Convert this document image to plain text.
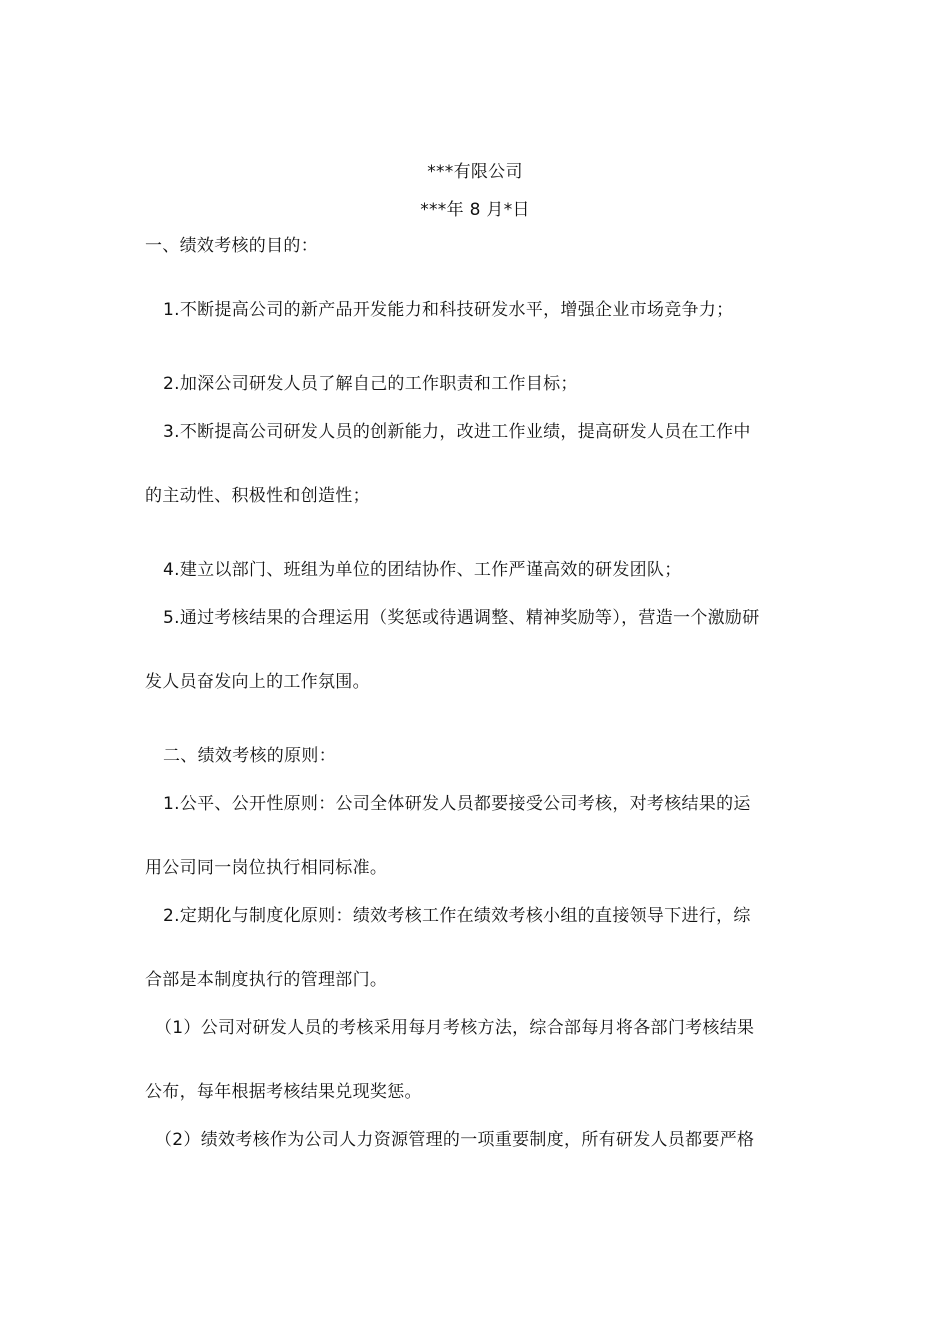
***有限公司
***年 8 月*日
一、绩效考核的目的：
1.不断提高公司的新产品开发能力和科技研发水平，增强企业市场竞争力；
2.加深公司研发人员了解自己的工作职责和工作目标；
3.不断提高公司研发人员的创新能力，改进工作业绩，提高研发人员在工作中
的主动性、积极性和创造性；
4.建立以部门、班组为单位的团结协作、工作严谨高效的研发团队；
5.通过考核结果的合理运用（奖惩或待遇调整、精神奖励等），营造一个激励研
发人员奋发向上的工作氛围。
二、绩效考核的原则：
1.公平、公开性原则：公司全体研发人员都要接受公司考核，对考核结果的运
用公司同一岗位执行相同标准。
2.定期化与制度化原则：绩效考核工作在绩效考核小组的直接领导下进行，综
合部是本制度执行的管理部门。
（1）公司对研发人员的考核采用每月考核方法，综合部每月将各部门考核结果
公布，每年根据考核结果兑现奖惩。
（2）绩效考核作为公司人力资源管理的一项重要制度，所有研发人员都要严格
